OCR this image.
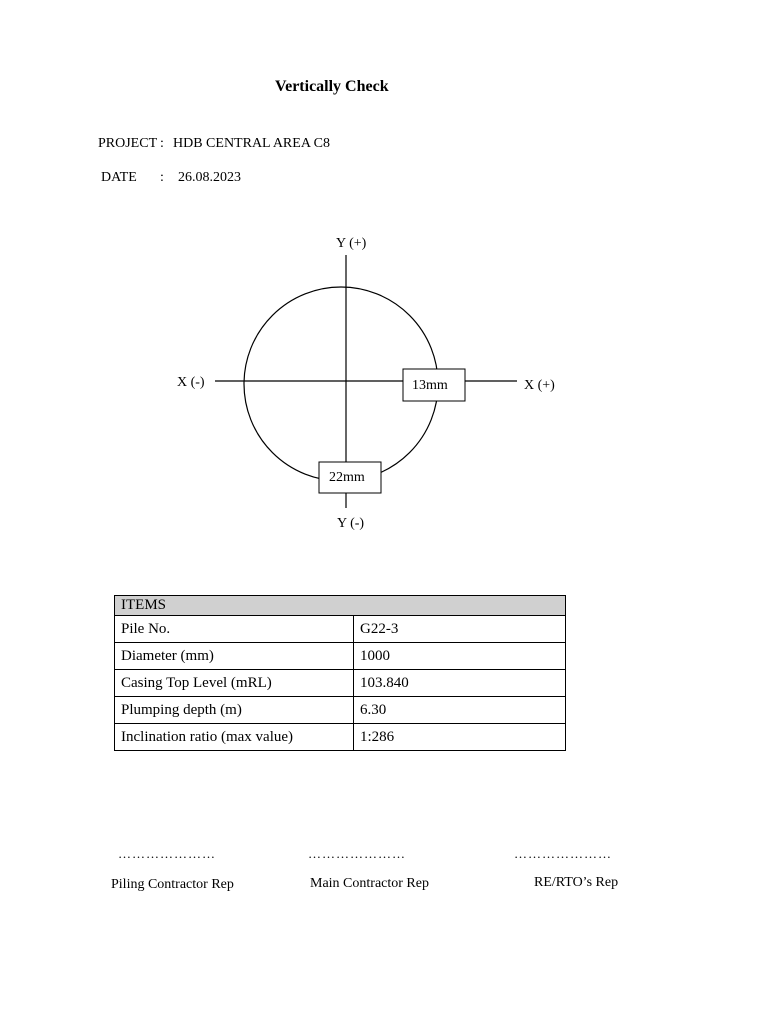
Vertically Check
PROJECT : HDB CENTRAL AREA C8
DATE : 26.08.2023
Y (+)
Y (-)
X (-)	X (+)
13mm
22mm
ITEMS	
Pile No.	G22-3
Diameter (mm)	1000
Casing Top Level (mRL)	103.840
Plumping depth (m)	6.30
Inclination ratio (max value)	1:286
…………………	…………………	…………………
Piling Contractor Rep	Main Contractor Rep	RE/RTO’s Rep
